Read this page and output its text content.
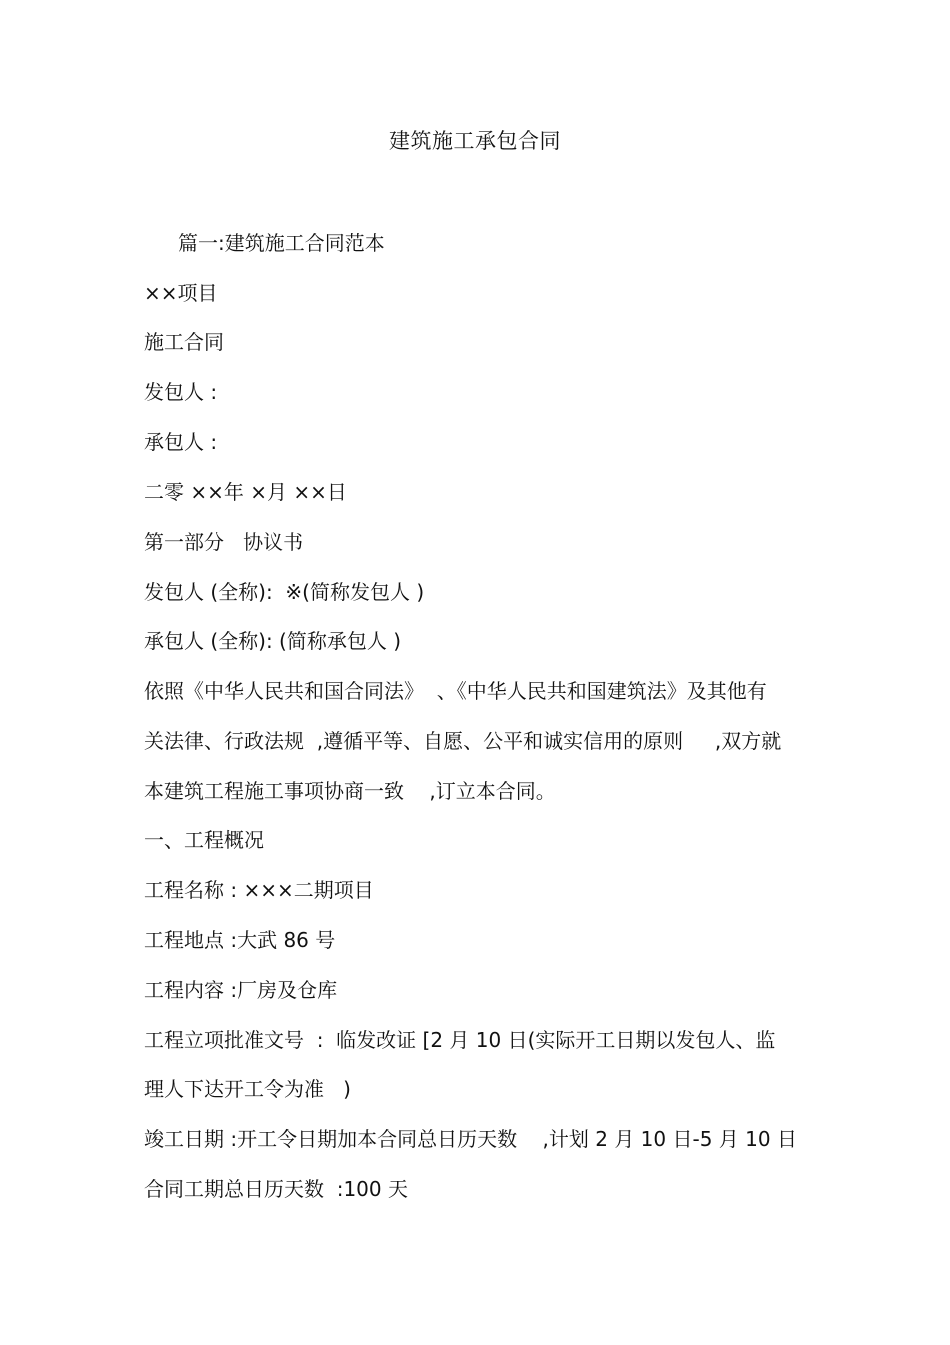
建筑施工承包合同
篇一:建筑施工合同范本
××项目
施工合同
发包人 :
承包人 :
二零 ××年 ×月 ××日
第一部分   协议书
发包人 (全称):  ※(简称发包人 )
承包人 (全称): (简称承包人 )
依照《中华人民共和国合同法》  、《中华人民共和国建筑法》及其他有
关法律、行政法规  ,遵循平等、自愿、公平和诚实信用的原则     ,双方就
本建筑工程施工事项协商一致    ,订立本合同。
一、工程概况
工程名称 : ×××二期项目
工程地点 :大武 86 号
工程内容 :厂房及仓库
工程立项批准文号  :  临发改证 [2 月 10 日(实际开工日期以发包人、监
理人下达开工令为准   )
竣工日期 :开工令日期加本合同总日历天数    ,计划 2 月 10 日-5 月 10 日
合同工期总日历天数  :100 天
